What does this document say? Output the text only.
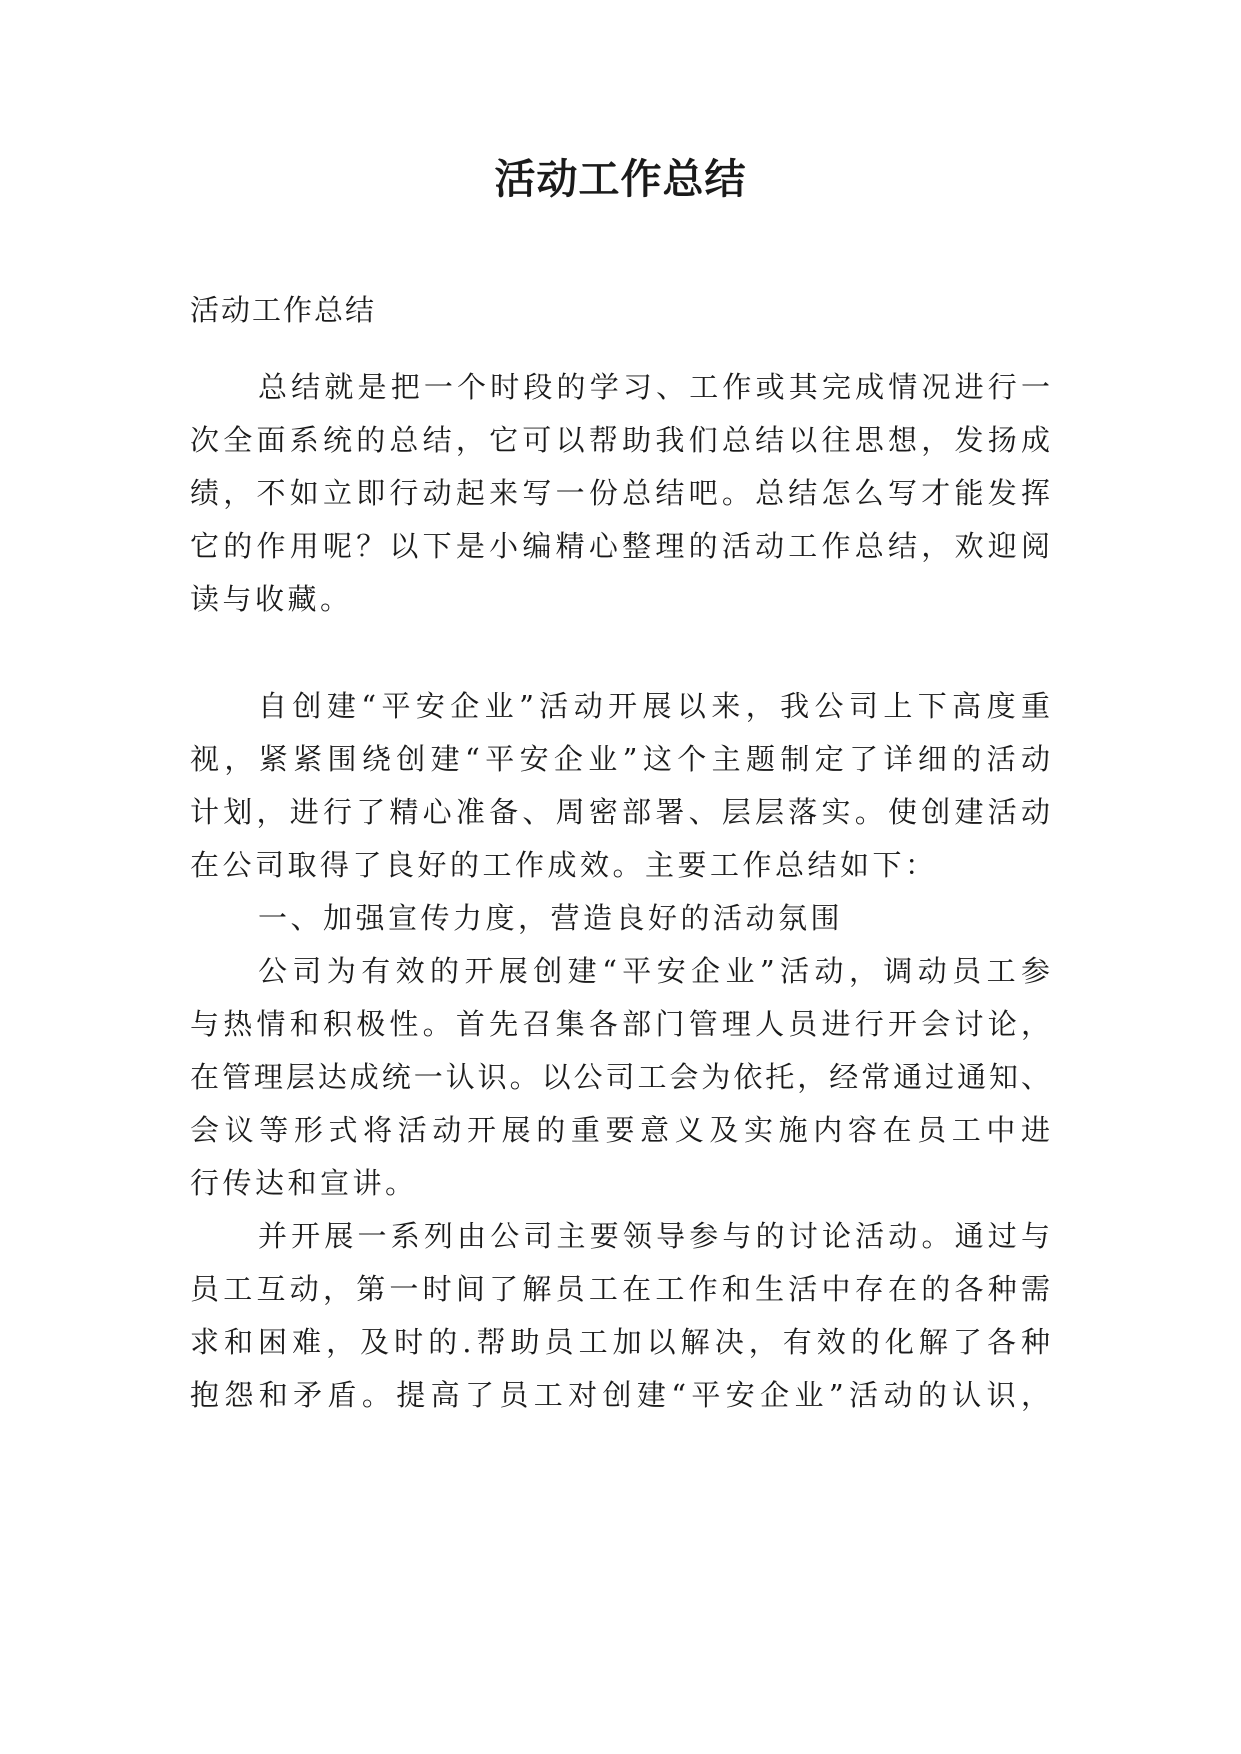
活动工作总结

活动工作总结

总结就是把一个时段的学习、工作或其完成情况进行一

次全面系统的总结，它可以帮助我们总结以往思想，发扬成

绩，不如立即行动起来写一份总结吧。总结怎么写才能发挥

它的作用呢？以下是小编精心整理的活动工作总结，欢迎阅

读与收藏。

自创建“平安企业”活动开展以来，我公司上下高度重

视，紧紧围绕创建“平安企业”这个主题制定了详细的活动

计划，进行了精心准备、周密部署、层层落实。使创建活动

在公司取得了良好的工作成效。主要工作总结如下：

一、加强宣传力度，营造良好的活动氛围

公司为有效的开展创建“平安企业”活动，调动员工参

与热情和积极性。首先召集各部门管理人员进行开会讨论，

在管理层达成统一认识。以公司工会为依托，经常通过通知、

会议等形式将活动开展的重要意义及实施内容在员工中进

行传达和宣讲。

并开展一系列由公司主要领导参与的讨论活动。通过与

员工互动，第一时间了解员工在工作和生活中存在的各种需

求和困难，及时的.帮助员工加以解决，有效的化解了各种

抱怨和矛盾。提高了员工对创建“平安企业”活动的认识，
